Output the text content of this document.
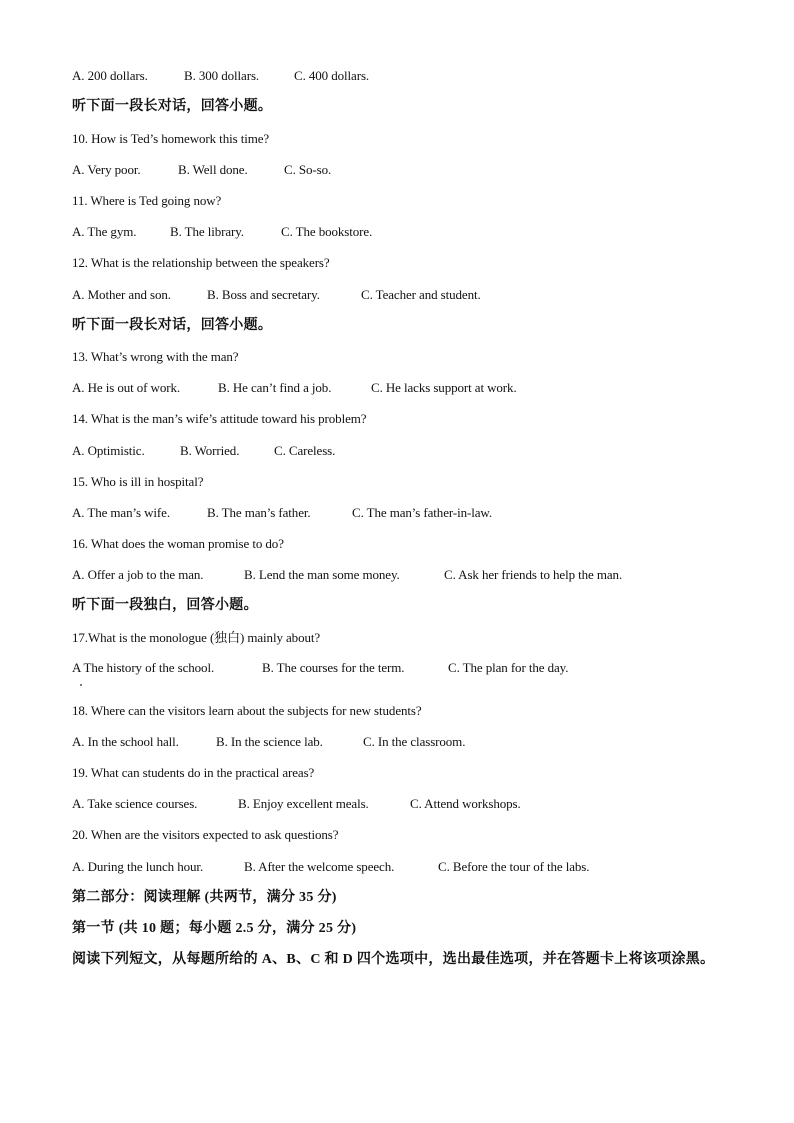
A. 200 dollars.	B. 300 dollars.	C. 400 dollars.
听下面一段长对话，回答小题。
10. How is Ted’s homework this time?
A. Very poor.	B. Well done.	C. So-so.
11. Where is Ted going now?
A. The gym.	B. The library.	C. The bookstore.
12. What is the relationship between the speakers?
A. Mother and son.	B. Boss and secretary.	C. Teacher and student.
听下面一段长对话，回答小题。
13. What’s wrong with the man?
A. He is out of work.	B. He can’t find a job.	C. He lacks support at work.
14. What is the man’s wife’s attitude toward his problem?
A. Optimistic.	B. Worried.	C. Careless.
15. Who is ill in hospital?
A. The man’s wife.	B. The man’s father.	C. The man’s father-in-law.
16. What does the woman promise to do?
A. Offer a job to the man.	B. Lend the man some money.	C. Ask her friends to help the man.
听下面一段独白，回答小题。
17.What is the monologue (独白) mainly about?
A The history of the school.	B. The courses for the term.	C. The plan for the day.
18. Where can the visitors learn about the subjects for new students?
A. In the school hall.	B. In the science lab.	C. In the classroom.
19. What can students do in the practical areas?
A. Take science courses.	B. Enjoy excellent meals.	C. Attend workshops.
20. When are the visitors expected to ask questions?
A. During the lunch hour.	B. After the welcome speech.	C. Before the tour of the labs.
第二部分：阅读理解 (共两节，满分 35 分)
第一节 (共 10 题；每小题 2.5 分，满分 25 分)
阅读下列短文，从每题所给的 A、B、C 和 D 四个选项中，选出最佳选项，并在答题卡上将该项涂黑。
